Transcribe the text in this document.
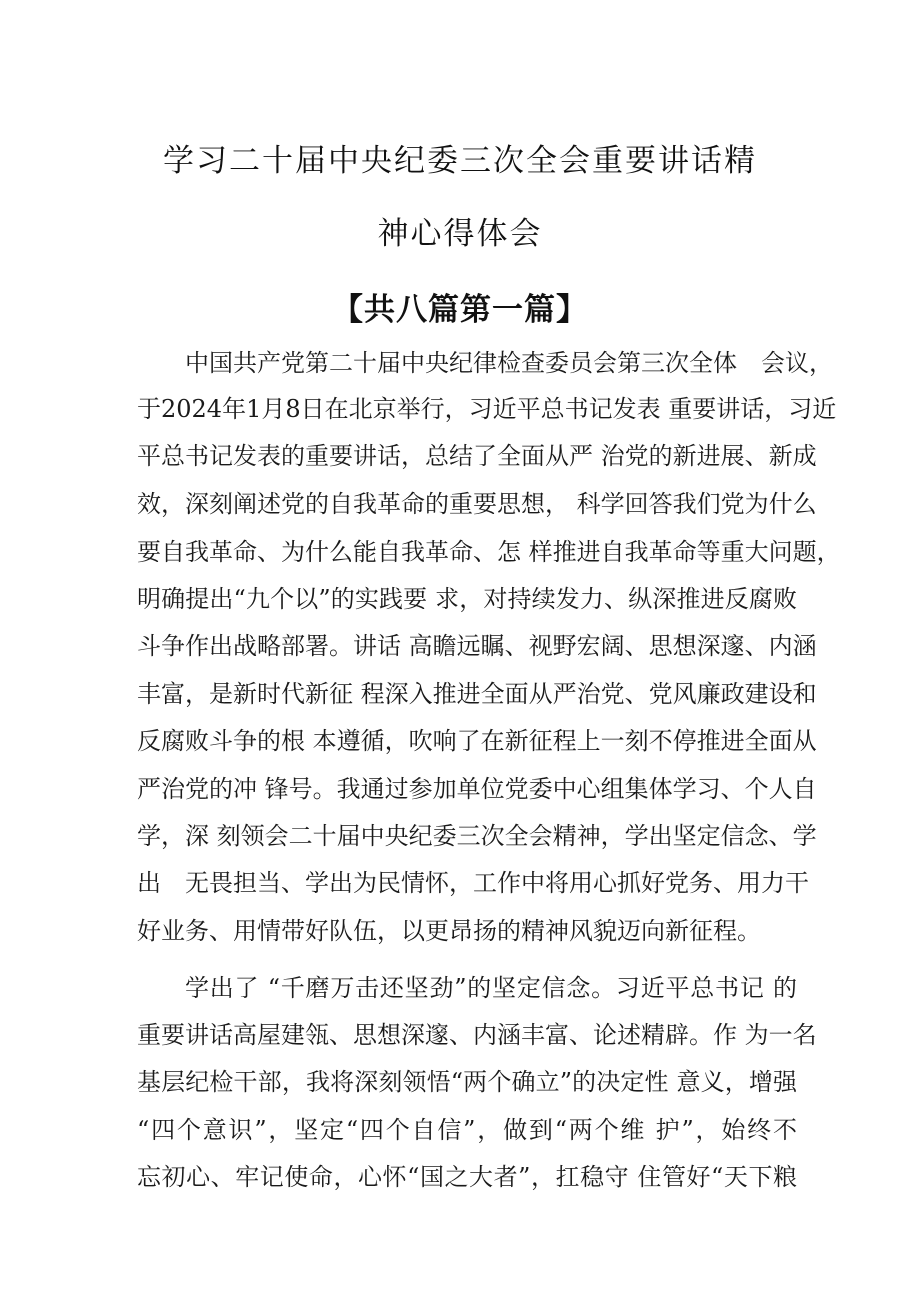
学习二十届中央纪委三次全会重要讲话精
神心得体会
【共八篇第一篇】
中国共产党第二十届中央纪律检查委员会第三次全体　会议，
于2024年1月8日在北京举行，习近平总书记发表 重要讲话，习近
平总书记发表的重要讲话，总结了全面从严 治党的新进展、新成
效，深刻阐述党的自我革命的重要思想， 科学回答我们党为什么
要自我革命、为什么能自我革命、怎 样推进自我革命等重大问题，
明确提出“九个以”的实践要 求，对持续发力、纵深推进反腐败
斗争作出战略部署。讲话 高瞻远瞩、视野宏阔、思想深邃、内涵
丰富，是新时代新征 程深入推进全面从严治党、党风廉政建设和
反腐败斗争的根 本遵循，吹响了在新征程上一刻不停推进全面从
严治党的冲 锋号。我通过参加单位党委中心组集体学习、个人自
学，深 刻领会二十届中央纪委三次全会精神，学出坚定信念、学
出　无畏担当、学出为民情怀，工作中将用心抓好党务、用力干
好业务、用情带好队伍，以更昂扬的精神风貌迈向新征程。
学出了 “千磨万击还坚劲”的坚定信念。习近平总书记 的
重要讲话高屋建瓴、思想深邃、内涵丰富、论述精辟。作 为一名
基层纪检干部，我将深刻领悟“两个确立”的决定性 意义，增强
“四个意识”，坚定“四个自信”，做到“两个维 护”，始终不
忘初心、牢记使命，心怀“国之大者”，扛稳守 住管好“天下粮
